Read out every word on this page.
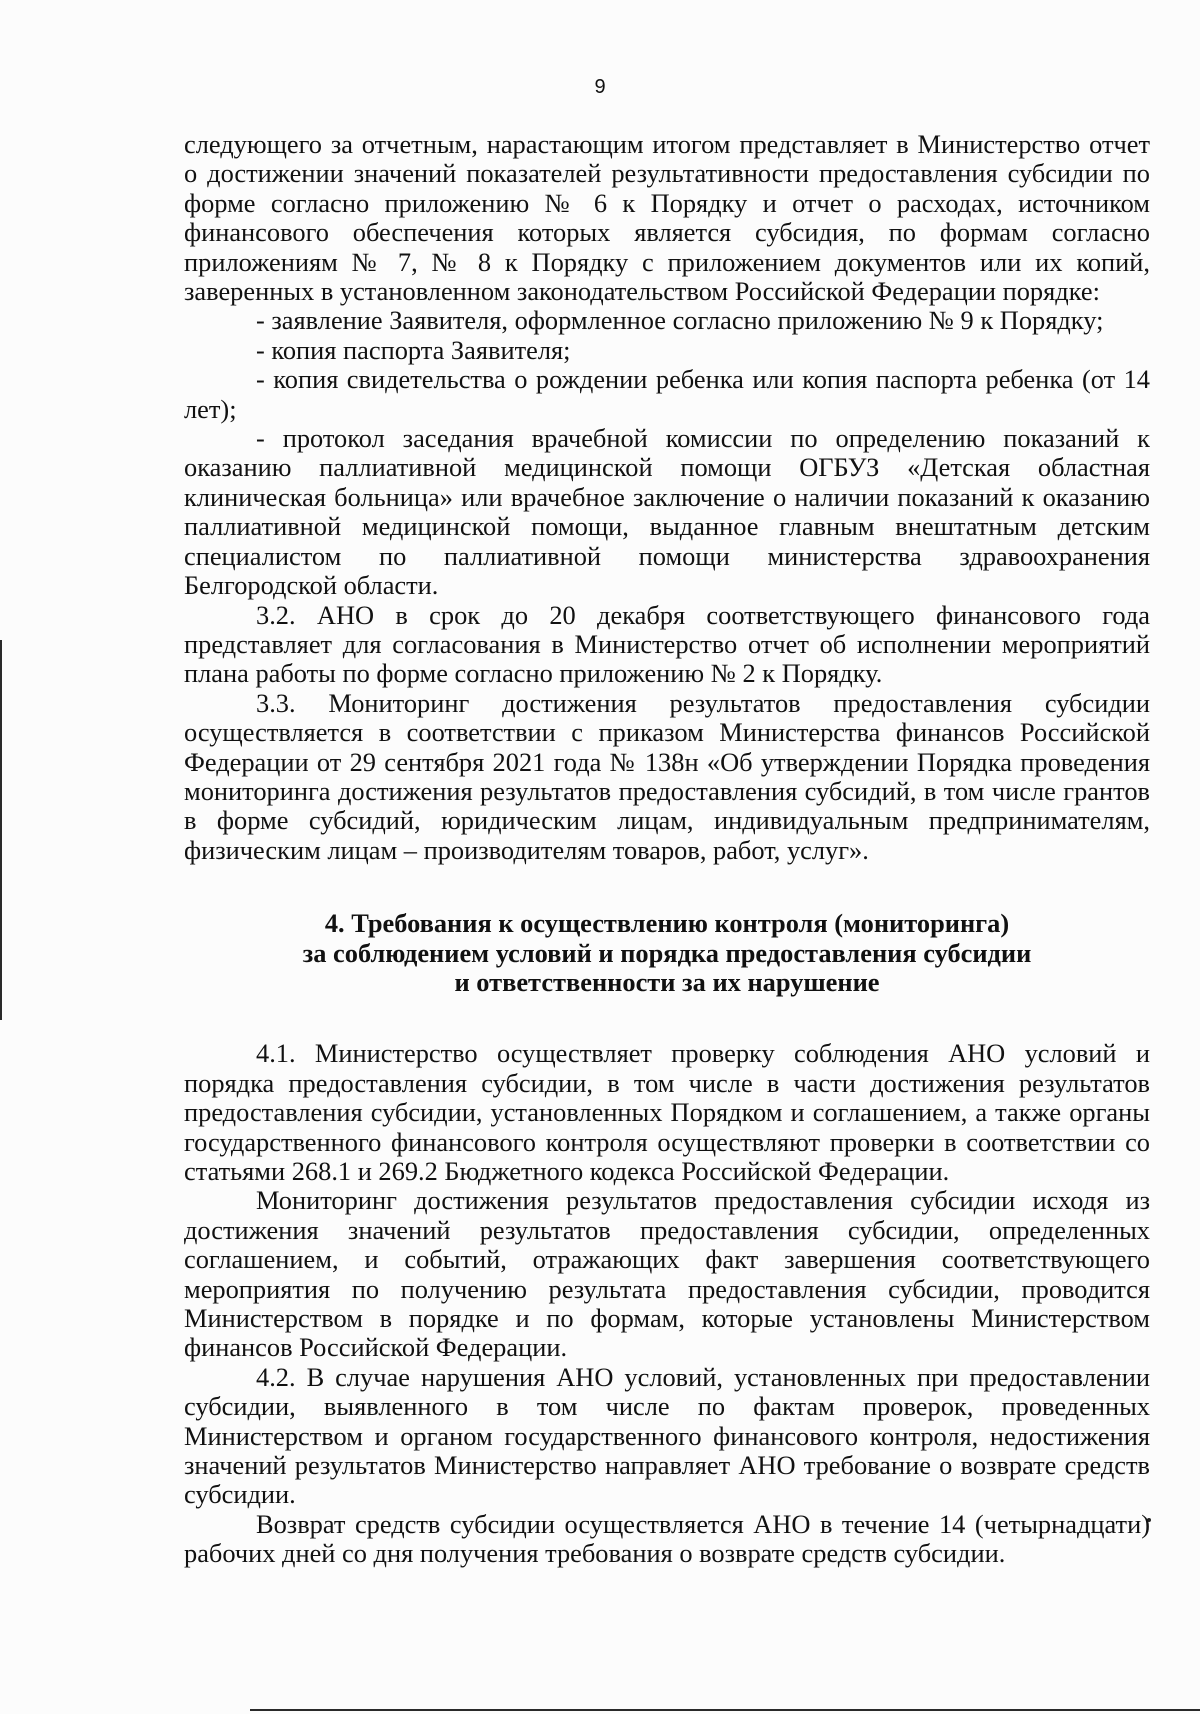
9

следующего за отчетным, нарастающим итогом представляет в Министерство отчет о достижении значений показателей результативности предоставления субсидии по форме согласно приложению № 6 к Порядку и отчет о расходах, источником финансового обеспечения которых является субсидия, по формам согласно приложениям № 7, № 8 к Порядку с приложением документов или их копий, заверенных в установленном законодательством Российской Федерации порядке:

- заявление Заявителя, оформленное согласно приложению № 9 к Порядку;

- копия паспорта Заявителя;

- копия свидетельства о рождении ребенка или копия паспорта ребенка (от 14 лет);

- протокол заседания врачебной комиссии по определению показаний к оказанию паллиативной медицинской помощи ОГБУЗ «Детская областная клиническая больница» или врачебное заключение о наличии показаний к оказанию паллиативной медицинской помощи, выданное главным внештатным детским специалистом по паллиативной помощи министерства здравоохранения Белгородской области.

3.2. АНО в срок до 20 декабря соответствующего финансового года представляет для согласования в Министерство отчет об исполнении мероприятий плана работы по форме согласно приложению № 2 к Порядку.

3.3. Мониторинг достижения результатов предоставления субсидии осуществляется в соответствии с приказом Министерства финансов Российской Федерации от 29 сентября 2021 года № 138н «Об утверждении Порядка проведения мониторинга достижения результатов предоставления субсидий, в том числе грантов в форме субсидий, юридическим лицам, индивидуальным предпринимателям, физическим лицам – производителям товаров, работ, услуг».

4. Требования к осуществлению контроля (мониторинга)
за соблюдением условий и порядка предоставления субсидии
и ответственности за их нарушение

4.1. Министерство осуществляет проверку соблюдения АНО условий и порядка предоставления субсидии, в том числе в части достижения результатов предоставления субсидии, установленных Порядком и соглашением, а также органы государственного финансового контроля осуществляют проверки в соответствии со статьями 268.1 и 269.2 Бюджетного кодекса Российской Федерации.

Мониторинг достижения результатов предоставления субсидии исходя из достижения значений результатов предоставления субсидии, определенных соглашением, и событий, отражающих факт завершения соответствующего мероприятия по получению результата предоставления субсидии, проводится Министерством в порядке и по формам, которые установлены Министерством финансов Российской Федерации.

4.2. В случае нарушения АНО условий, установленных при предоставлении субсидии, выявленного в том числе по фактам проверок, проведенных Министерством и органом государственного финансового контроля, недостижения значений результатов Министерство направляет АНО требование о возврате средств субсидии.

Возврат средств субсидии осуществляется АНО в течение 14 (четырнадцати) рабочих дней со дня получения требования о возврате средств субсидии.
